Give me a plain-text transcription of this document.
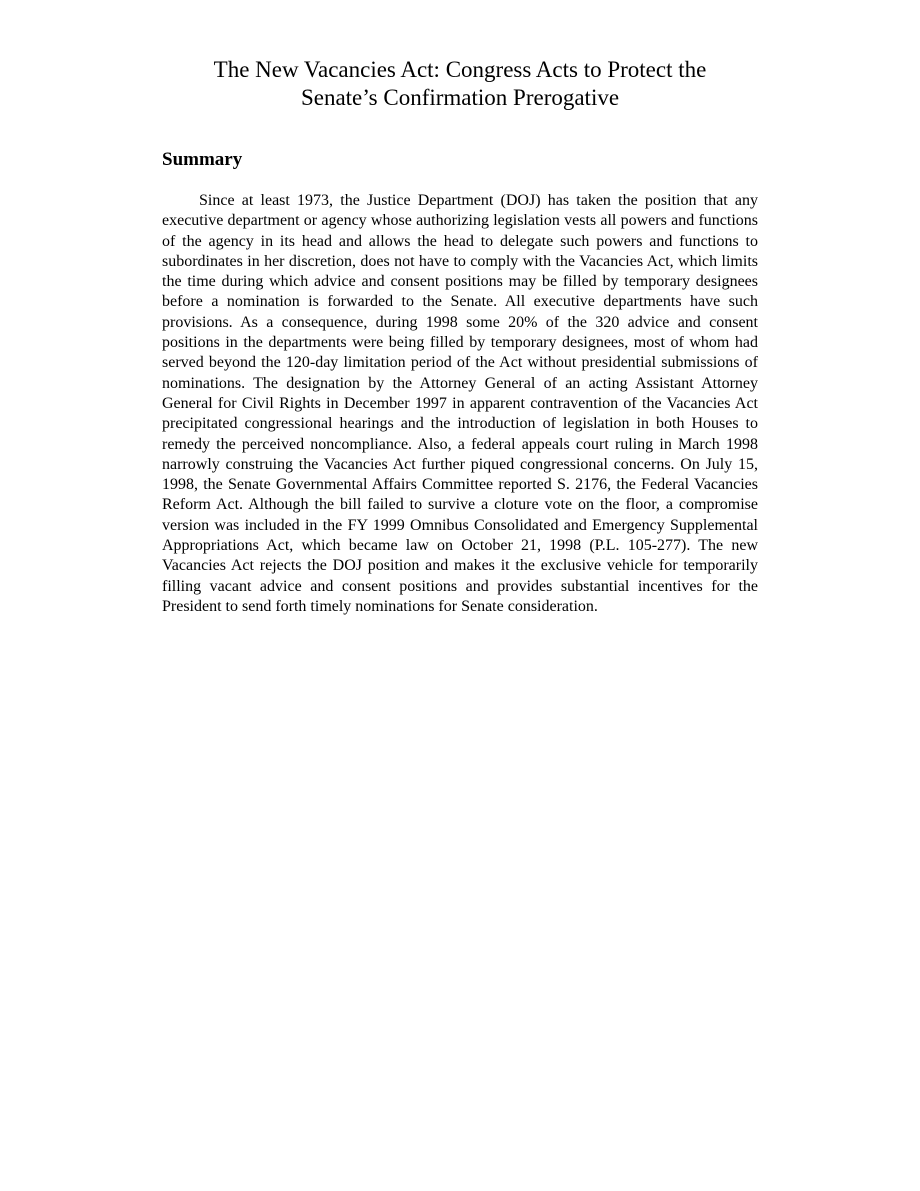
The New Vacancies Act: Congress Acts to Protect the
Senate’s Confirmation Prerogative
Summary

Since at least 1973, the Justice Department (DOJ) has taken the position that any executive department or agency whose authorizing legislation vests all powers and functions of the agency in its head and allows the head to delegate such powers and functions to subordinates in her discretion, does not have to comply with the Vacancies Act, which limits the time during which advice and consent positions may be filled by temporary designees before a nomination is forwarded to the Senate. All executive departments have such provisions. As a consequence, during 1998 some 20% of the 320 advice and consent positions in the departments were being filled by temporary designees, most of whom had served beyond the 120-day limitation period of the Act without presidential submissions of nominations. The designation by the Attorney General of an acting Assistant Attorney General for Civil Rights in December 1997 in apparent contravention of the Vacancies Act precipitated congressional hearings and the introduction of legislation in both Houses to remedy the perceived noncompliance. Also, a federal appeals court ruling in March 1998 narrowly construing the Vacancies Act further piqued congressional concerns. On July 15, 1998, the Senate Governmental Affairs Committee reported S. 2176, the Federal Vacancies Reform Act. Although the bill failed to survive a cloture vote on the floor, a compromise version was included in the FY 1999 Omnibus Consolidated and Emergency Supplemental Appropriations Act, which became law on October 21, 1998 (P.L. 105-277). The new Vacancies Act rejects the DOJ position and makes it the exclusive vehicle for temporarily filling vacant advice and consent positions and provides substantial incentives for the President to send forth timely nominations for Senate consideration.
